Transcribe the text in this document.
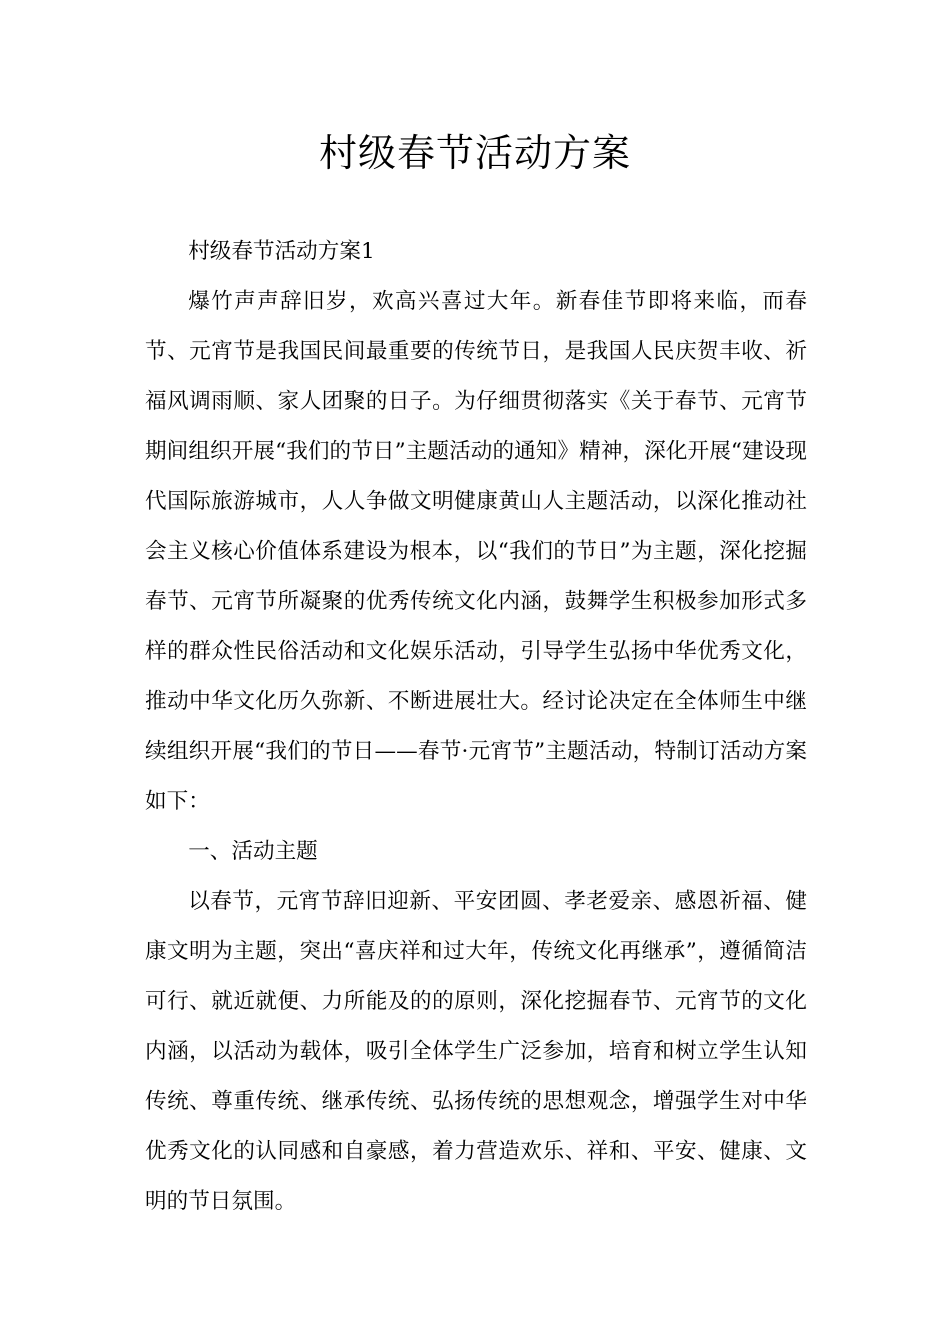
村级春节活动方案

村级春节活动方案1

爆竹声声辞旧岁，欢高兴喜过大年。新春佳节即将来临，而春节、元宵节是我国民间最重要的传统节日，是我国人民庆贺丰收、祈福风调雨顺、家人团聚的日子。为仔细贯彻落实《关于春节、元宵节期间组织开展“我们的节日”主题活动的通知》精神，深化开展“建设现代国际旅游城市，人人争做文明健康黄山人主题活动，以深化推动社会主义核心价值体系建设为根本，以“我们的节日”为主题，深化挖掘春节、元宵节所凝聚的优秀传统文化内涵，鼓舞学生积极参加形式多样的群众性民俗活动和文化娱乐活动，引导学生弘扬中华优秀文化，推动中华文化历久弥新、不断进展壮大。经讨论决定在全体师生中继续组织开展“我们的节日——春节·元宵节”主题活动，特制订活动方案如下：

一、活动主题

以春节，元宵节辞旧迎新、平安团圆、孝老爱亲、感恩祈福、健康文明为主题，突出“喜庆祥和过大年，传统文化再继承”，遵循简洁可行、就近就便、力所能及的的原则，深化挖掘春节、元宵节的文化内涵，以活动为载体，吸引全体学生广泛参加，培育和树立学生认知传统、尊重传统、继承传统、弘扬传统的思想观念，增强学生对中华优秀文化的认同感和自豪感，着力营造欢乐、祥和、平安、健康、文明的节日氛围。
